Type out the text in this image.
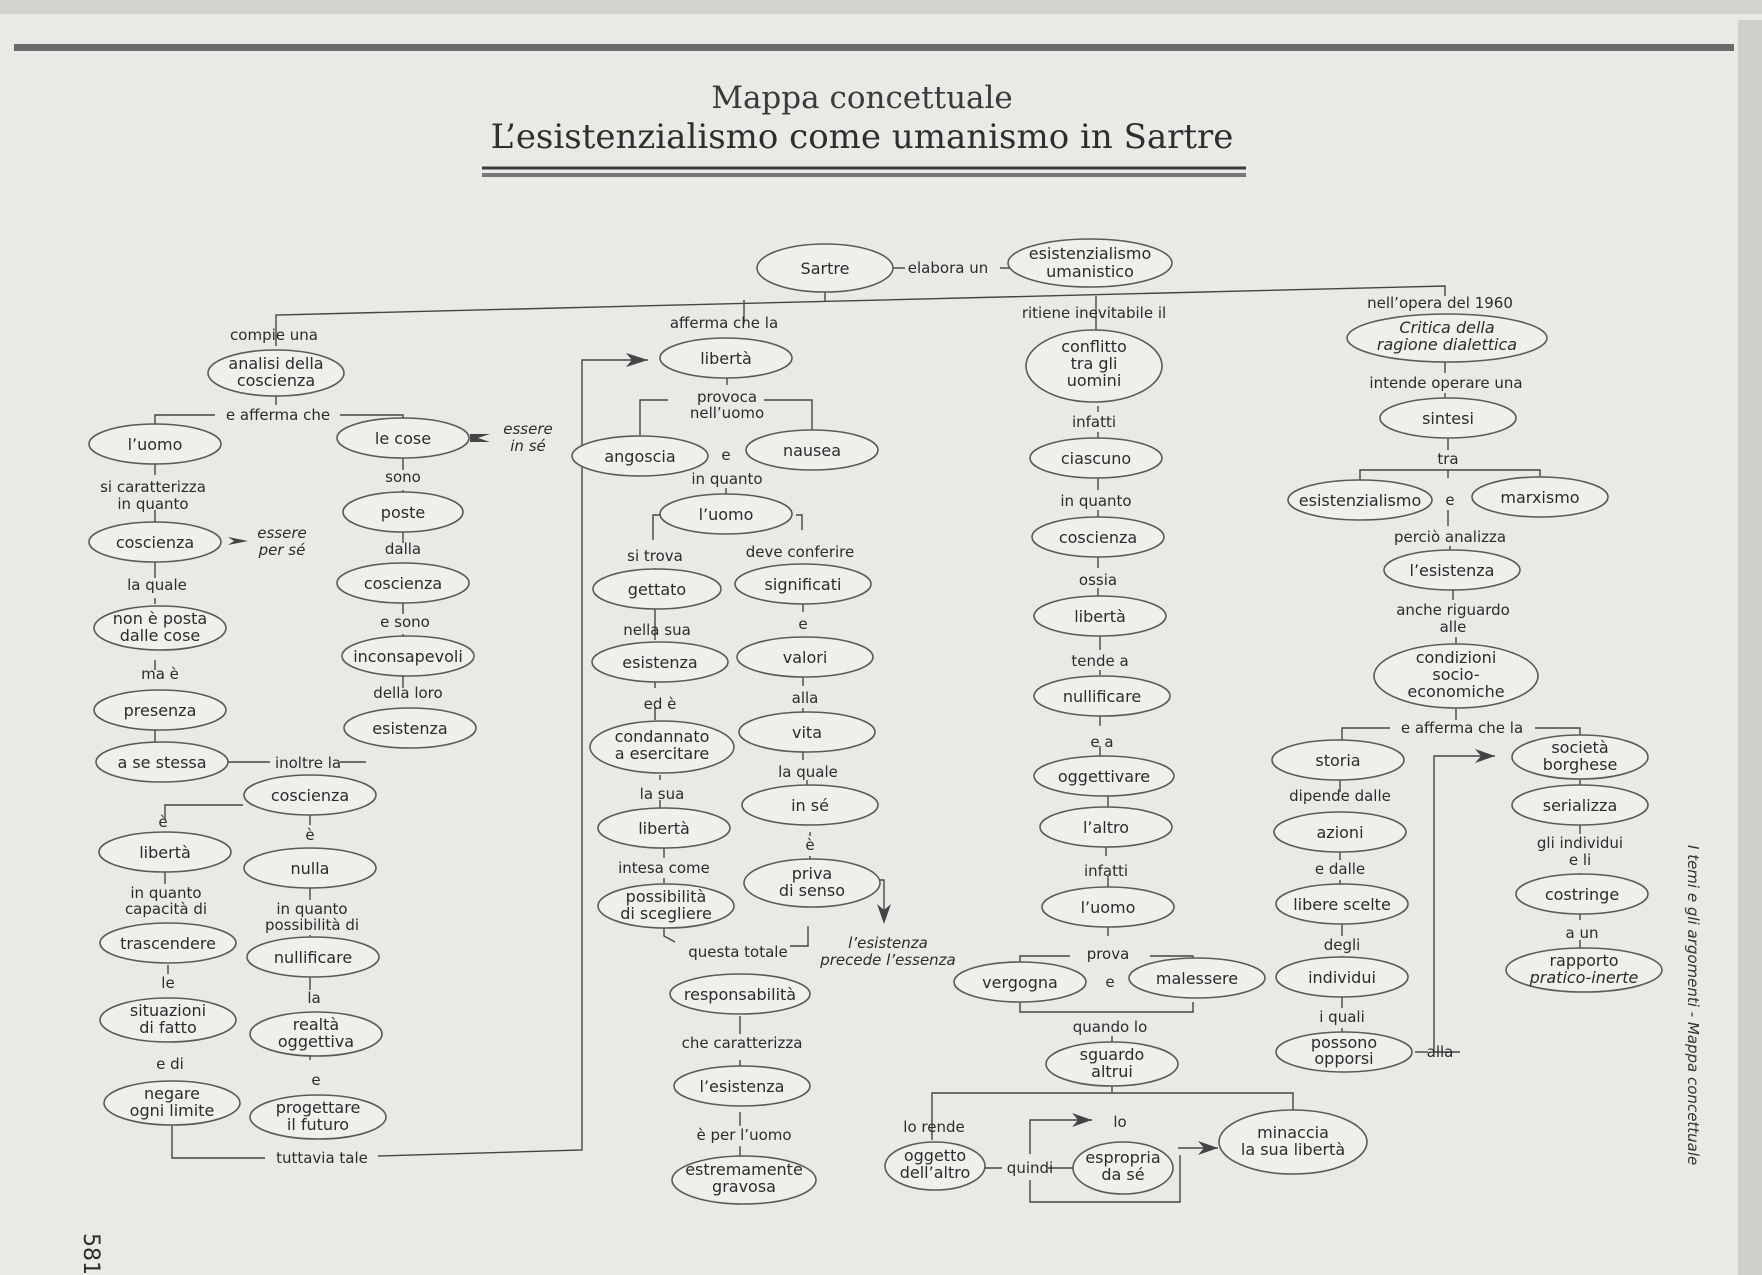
Mappa concettuale
L’esistenzialismo come umanismo in Sartre
581
I temi e gli argomenti - Mappa concettuale
Sartre
esistenzialismo
umanistico
analisi della
coscienza
l’uomo	le cose
coscienza
non è posta
dalle cose
presenza
a se stessa
poste
coscienza
inconsapevoli
esistenza
coscienza
libertà
nulla
trascendere
nullificare
situazioni
di fatto	realtà
oggettiva
negare
ogni limite	progettare
il futuro
libertà
angoscia	nausea
l’uomo
gettato	significati
esistenza	valori
condannato
a esercitare
vita
libertà
in sé
possibilità
di scegliere
priva
di senso
responsabilità
l’esistenza
estremamente
gravosa
conflitto
tra gli
uomini
ciascuno
coscienza
libertà
nullificare
oggettivare
l’altro
l’uomo
vergogna	malessere
sguardo
altrui
oggetto
dell’altro
espropria
da sé
minaccia
la sua libertà
Critica della
ragione dialettica
sintesi
esistenzialismo	marxismo
l’esistenza
condizioni
socio-
economiche
storia
società
borghese
azioni
serializza
libere scelte
costringe
individui
rapporto
pratico-inerte
possono
opporsi
elabora un
compie una
e afferma che
essere
in sé
si caratterizza
in quanto
essere
per sé
la quale
ma è
sono
dalla
e sono
della loro
inoltre la
è
è
in quanto
capacità di	in quanto
possibilità di
le
la
e di
e
tuttavia tale
afferma che la
provoca
nell’uomo
e
in quanto
si trova	deve conferire
nella sua	e
ed è	alla
la sua
la quale
intesa come
è
questa totale	l’esistenza
precede l’essenza
che caratterizza
è per l’uomo
ritiene inevitabile il
infatti
in quanto
ossia
tende a
e a
infatti
prova
e
quando lo
lo rende
quindi
lo
nell’opera del 1960
intende operare una
tra
e
perciò analizza
anche riguardo
alle
e afferma che la
dipende dalle
e dalle
gli individui
e li
degli
a un
i quali
alla
